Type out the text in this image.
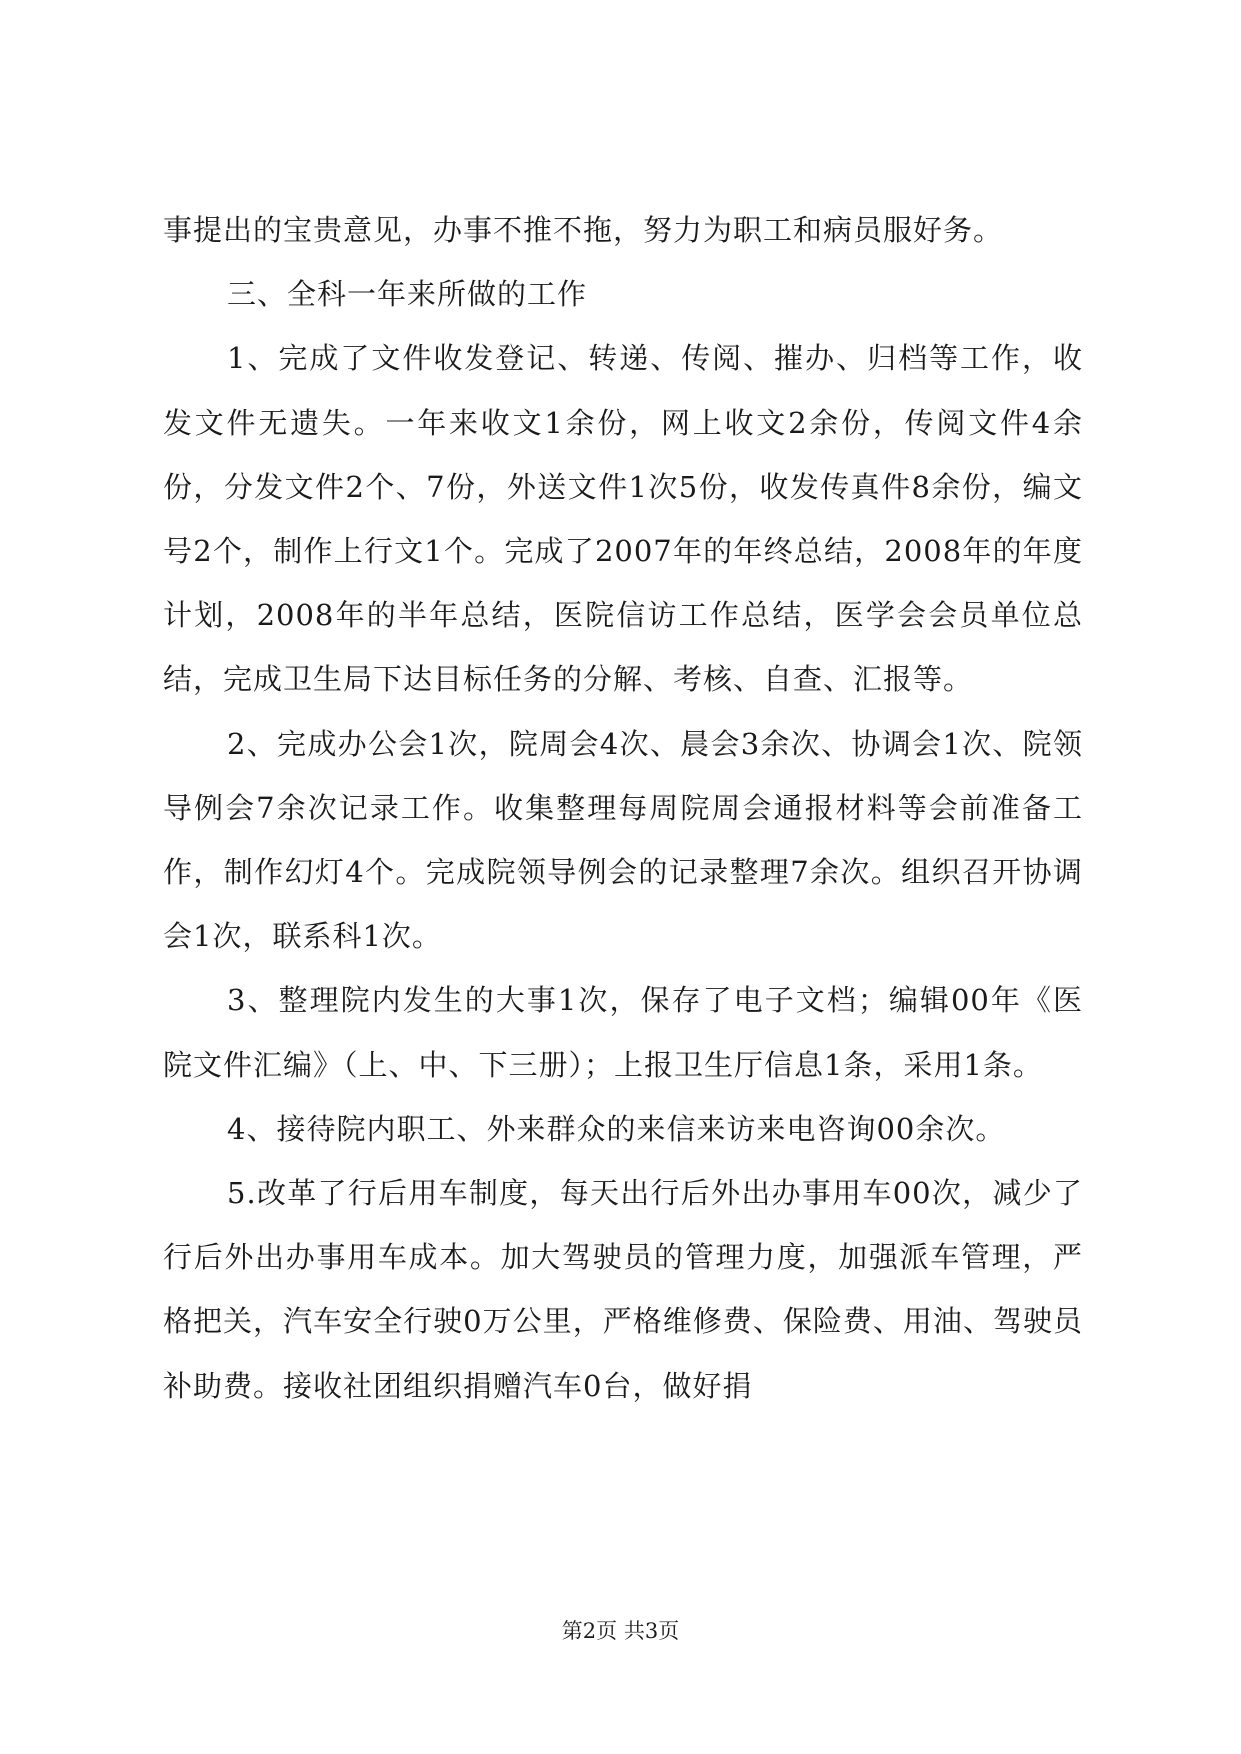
事提出的宝贵意见，办事不推不拖，努力为职工和病员服好务。

三、全科一年来所做的工作

1、完成了文件收发登记、转递、传阅、摧办、归档等工作，收发文件无遗失。一年来收文1余份，网上收文2余份，传阅文件4余份，分发文件2个、7份，外送文件1次5份，收发传真件8余份，编文号2个，制作上行文1个。完成了2007年的年终总结，2008年的年度计划，2008年的半年总结，医院信访工作总结，医学会会员单位总结，完成卫生局下达目标任务的分解、考核、自查、汇报等。

2、完成办公会1次，院周会4次、晨会3余次、协调会1次、院领导例会7余次记录工作。收集整理每周院周会通报材料等会前准备工作，制作幻灯4个。完成院领导例会的记录整理7余次。组织召开协调会1次，联系科1次。

3、整理院内发生的大事1次，保存了电子文档；编辑00年《医院文件汇编》（上、中、下三册）；上报卫生厅信息1条，采用1条。

4、接待院内职工、外来群众的来信来访来电咨询00余次。

5.改革了行后用车制度，每天出行后外出办事用车00次，减少了行后外出办事用车成本。加大驾驶员的管理力度，加强派车管理，严格把关，汽车安全行驶0万公里，严格维修费、保险费、用油、驾驶员补助费。接收社团组织捐赠汽车0台，做好捐

第2页 共3页
